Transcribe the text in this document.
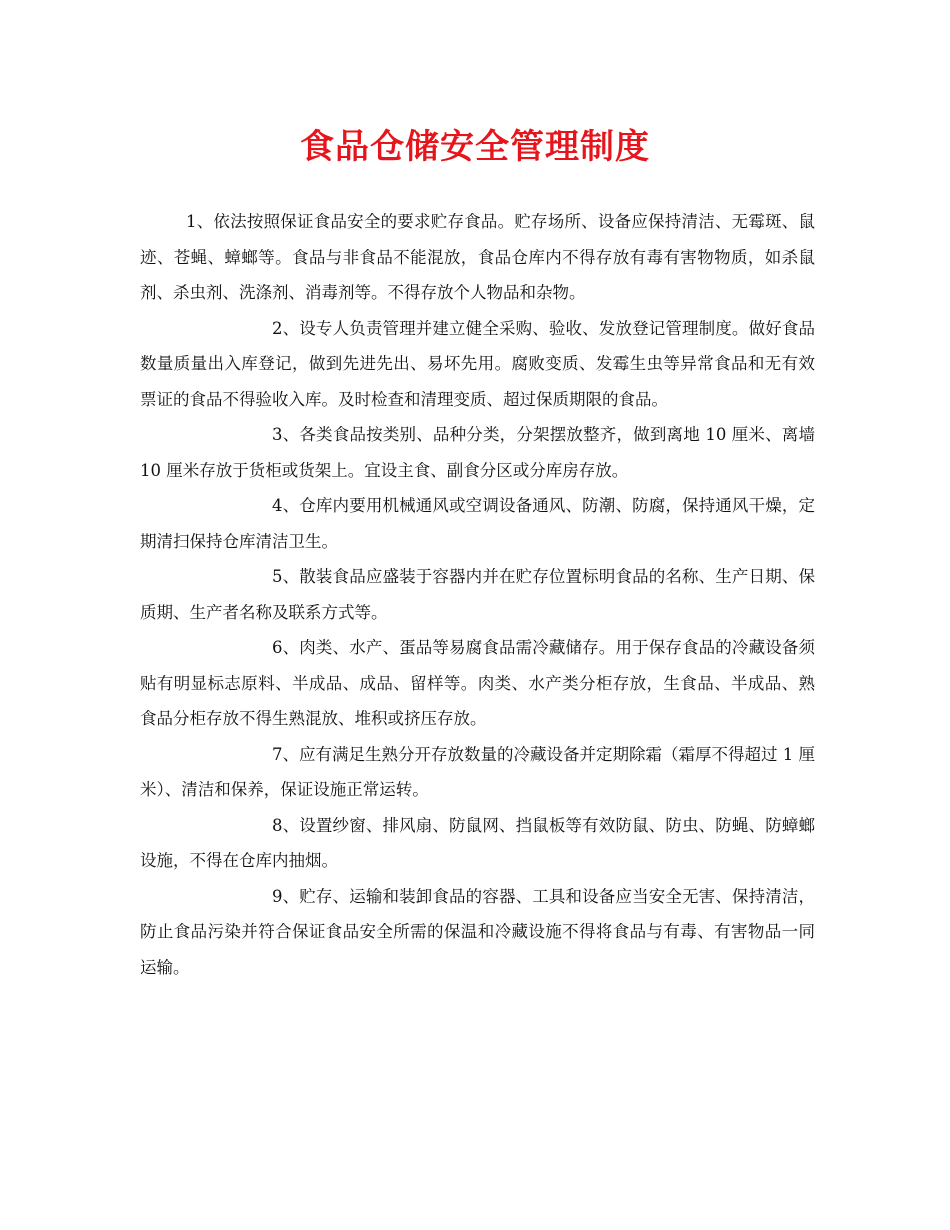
食品仓储安全管理制度

1、依法按照保证食品安全的要求贮存食品。贮存场所、设备应保持清洁、无霉斑、鼠迹、苍蝇、蟑螂等。食品与非食品不能混放，食品仓库内不得存放有毒有害物物质，如杀鼠剂、杀虫剂、洗涤剂、消毒剂等。不得存放个人物品和杂物。

2、设专人负责管理并建立健全采购、验收、发放登记管理制度。做好食品数量质量出入库登记，做到先进先出、易坏先用。腐败变质、发霉生虫等异常食品和无有效票证的食品不得验收入库。及时检查和清理变质、超过保质期限的食品。

3、各类食品按类别、品种分类，分架摆放整齐，做到离地 10 厘米、离墙 10 厘米存放于货柜或货架上。宜设主食、副食分区或分库房存放。

4、仓库内要用机械通风或空调设备通风、防潮、防腐，保持通风干燥，定期清扫保持仓库清洁卫生。

5、散装食品应盛装于容器内并在贮存位置标明食品的名称、生产日期、保质期、生产者名称及联系方式等。

6、肉类、水产、蛋品等易腐食品需冷藏储存。用于保存食品的冷藏设备须贴有明显标志原料、半成品、成品、留样等。肉类、水产类分柜存放，生食品、半成品、熟食品分柜存放不得生熟混放、堆积或挤压存放。

7、应有满足生熟分开存放数量的冷藏设备并定期除霜（霜厚不得超过 1 厘米）、清洁和保养，保证设施正常运转。

8、设置纱窗、排风扇、防鼠网、挡鼠板等有效防鼠、防虫、防蝇、防蟑螂设施，不得在仓库内抽烟。

9、贮存、运输和装卸食品的容器、工具和设备应当安全无害、保持清洁，防止食品污染并符合保证食品安全所需的保温和冷藏设施不得将食品与有毒、有害物品一同运输。
